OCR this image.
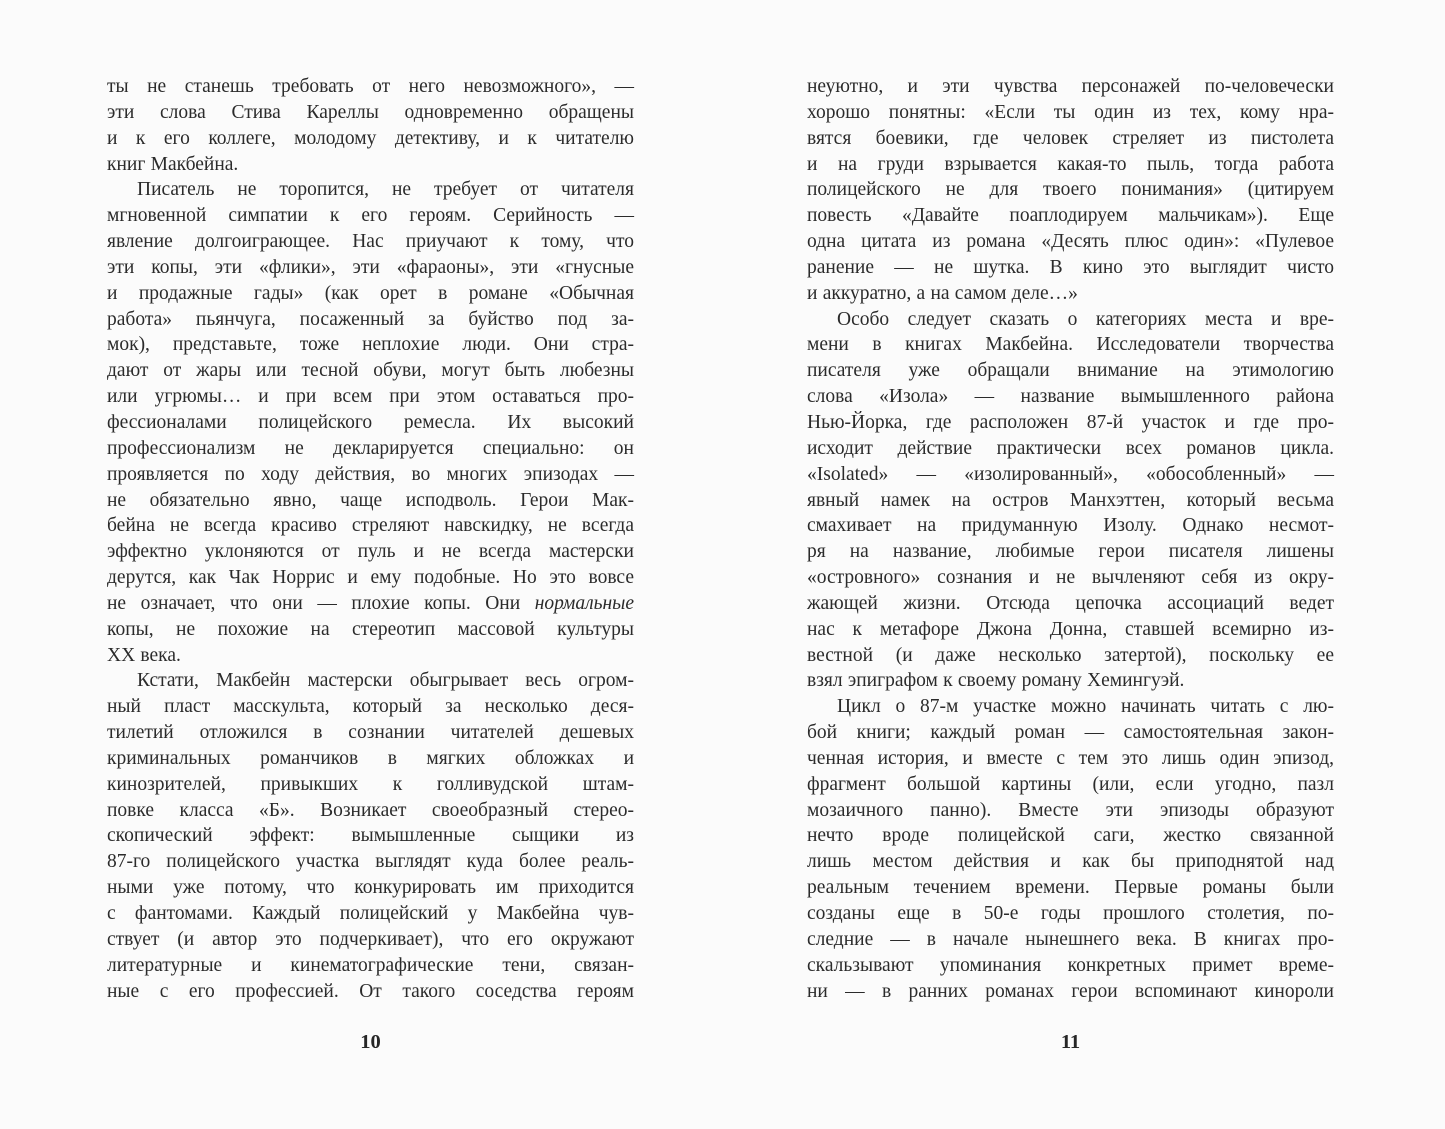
ты не станешь требовать от него невозможного», —
эти слова Стива Кареллы одновременно обращены
и к его коллеге, молодому детективу, и к читателю
книг Макбейна.
Писатель не торопится, не требует от читателя
мгновенной симпатии к его героям. Серийность —
явление долгоиграющее. Нас приучают к тому, что
эти копы, эти «флики», эти «фараоны», эти «гнусные
и продажные гады» (как орет в романе «Обычная
работа» пьянчуга, посаженный за буйство под за-
мок), представьте, тоже неплохие люди. Они стра-
дают от жары или тесной обуви, могут быть любезны
или угрюмы… и при всем при этом оставаться про-
фессионалами полицейского ремесла. Их высокий
профессионализм не декларируется специально: он
проявляется по ходу действия, во многих эпизодах —
не обязательно явно, чаще исподволь. Герои Мак-
бейна не всегда красиво стреляют навскидку, не всегда
эффектно уклоняются от пуль и не всегда мастерски
дерутся, как Чак Норрис и ему подобные. Но это вовсе
не означает, что они — плохие копы. Они нормальные
копы, не похожие на стереотип массовой культуры
XX века.
Кстати, Макбейн мастерски обыгрывает весь огром-
ный пласт масскульта, который за несколько деся-
тилетий отложился в сознании читателей дешевых
криминальных романчиков в мягких обложках и
кинозрителей, привыкших к голливудской штам-
повке класса «Б». Возникает своеобразный стерео-
скопический эффект: вымышленные сыщики из
87-го полицейского участка выглядят куда более реаль-
ными уже потому, что конкурировать им приходится
с фантомами. Каждый полицейский у Макбейна чув-
ствует (и автор это подчеркивает), что его окружают
литературные и кинематографические тени, связан-
ные с его профессией. От такого соседства героям
10
неуютно, и эти чувства персонажей по-человечески
хорошо понятны: «Если ты один из тех, кому нра-
вятся боевики, где человек стреляет из пистолета
и на груди взрывается какая-то пыль, тогда работа
полицейского не для твоего понимания» (цитируем
повесть «Давайте поаплодируем мальчикам»). Еще
одна цитата из романа «Десять плюс один»: «Пулевое
ранение — не шутка. В кино это выглядит чисто
и аккуратно, а на самом деле…»
Особо следует сказать о категориях места и вре-
мени в книгах Макбейна. Исследователи творчества
писателя уже обращали внимание на этимологию
слова «Изола» — название вымышленного района
Нью-Йорка, где расположен 87-й участок и где про-
исходит действие практически всех романов цикла.
«Isolated» — «изолированный», «обособленный» —
явный намек на остров Манхэттен, который весьма
смахивает на придуманную Изолу. Однако несмот-
ря на название, любимые герои писателя лишены
«островного» сознания и не вычленяют себя из окру-
жающей жизни. Отсюда цепочка ассоциаций ведет
нас к метафоре Джона Донна, ставшей всемирно из-
вестной (и даже несколько затертой), поскольку ее
взял эпиграфом к своему роману Хемингуэй.
Цикл о 87-м участке можно начинать читать с лю-
бой книги; каждый роман — самостоятельная закон-
ченная история, и вместе с тем это лишь один эпизод,
фрагмент большой картины (или, если угодно, пазл
мозаичного панно). Вместе эти эпизоды образуют
нечто вроде полицейской саги, жестко связанной
лишь местом действия и как бы приподнятой над
реальным течением времени. Первые романы были
созданы еще в 50-е годы прошлого столетия, по-
следние — в начале нынешнего века. В книгах про-
скальзывают упоминания конкретных примет време-
ни — в ранних романах герои вспоминают кинороли
11
